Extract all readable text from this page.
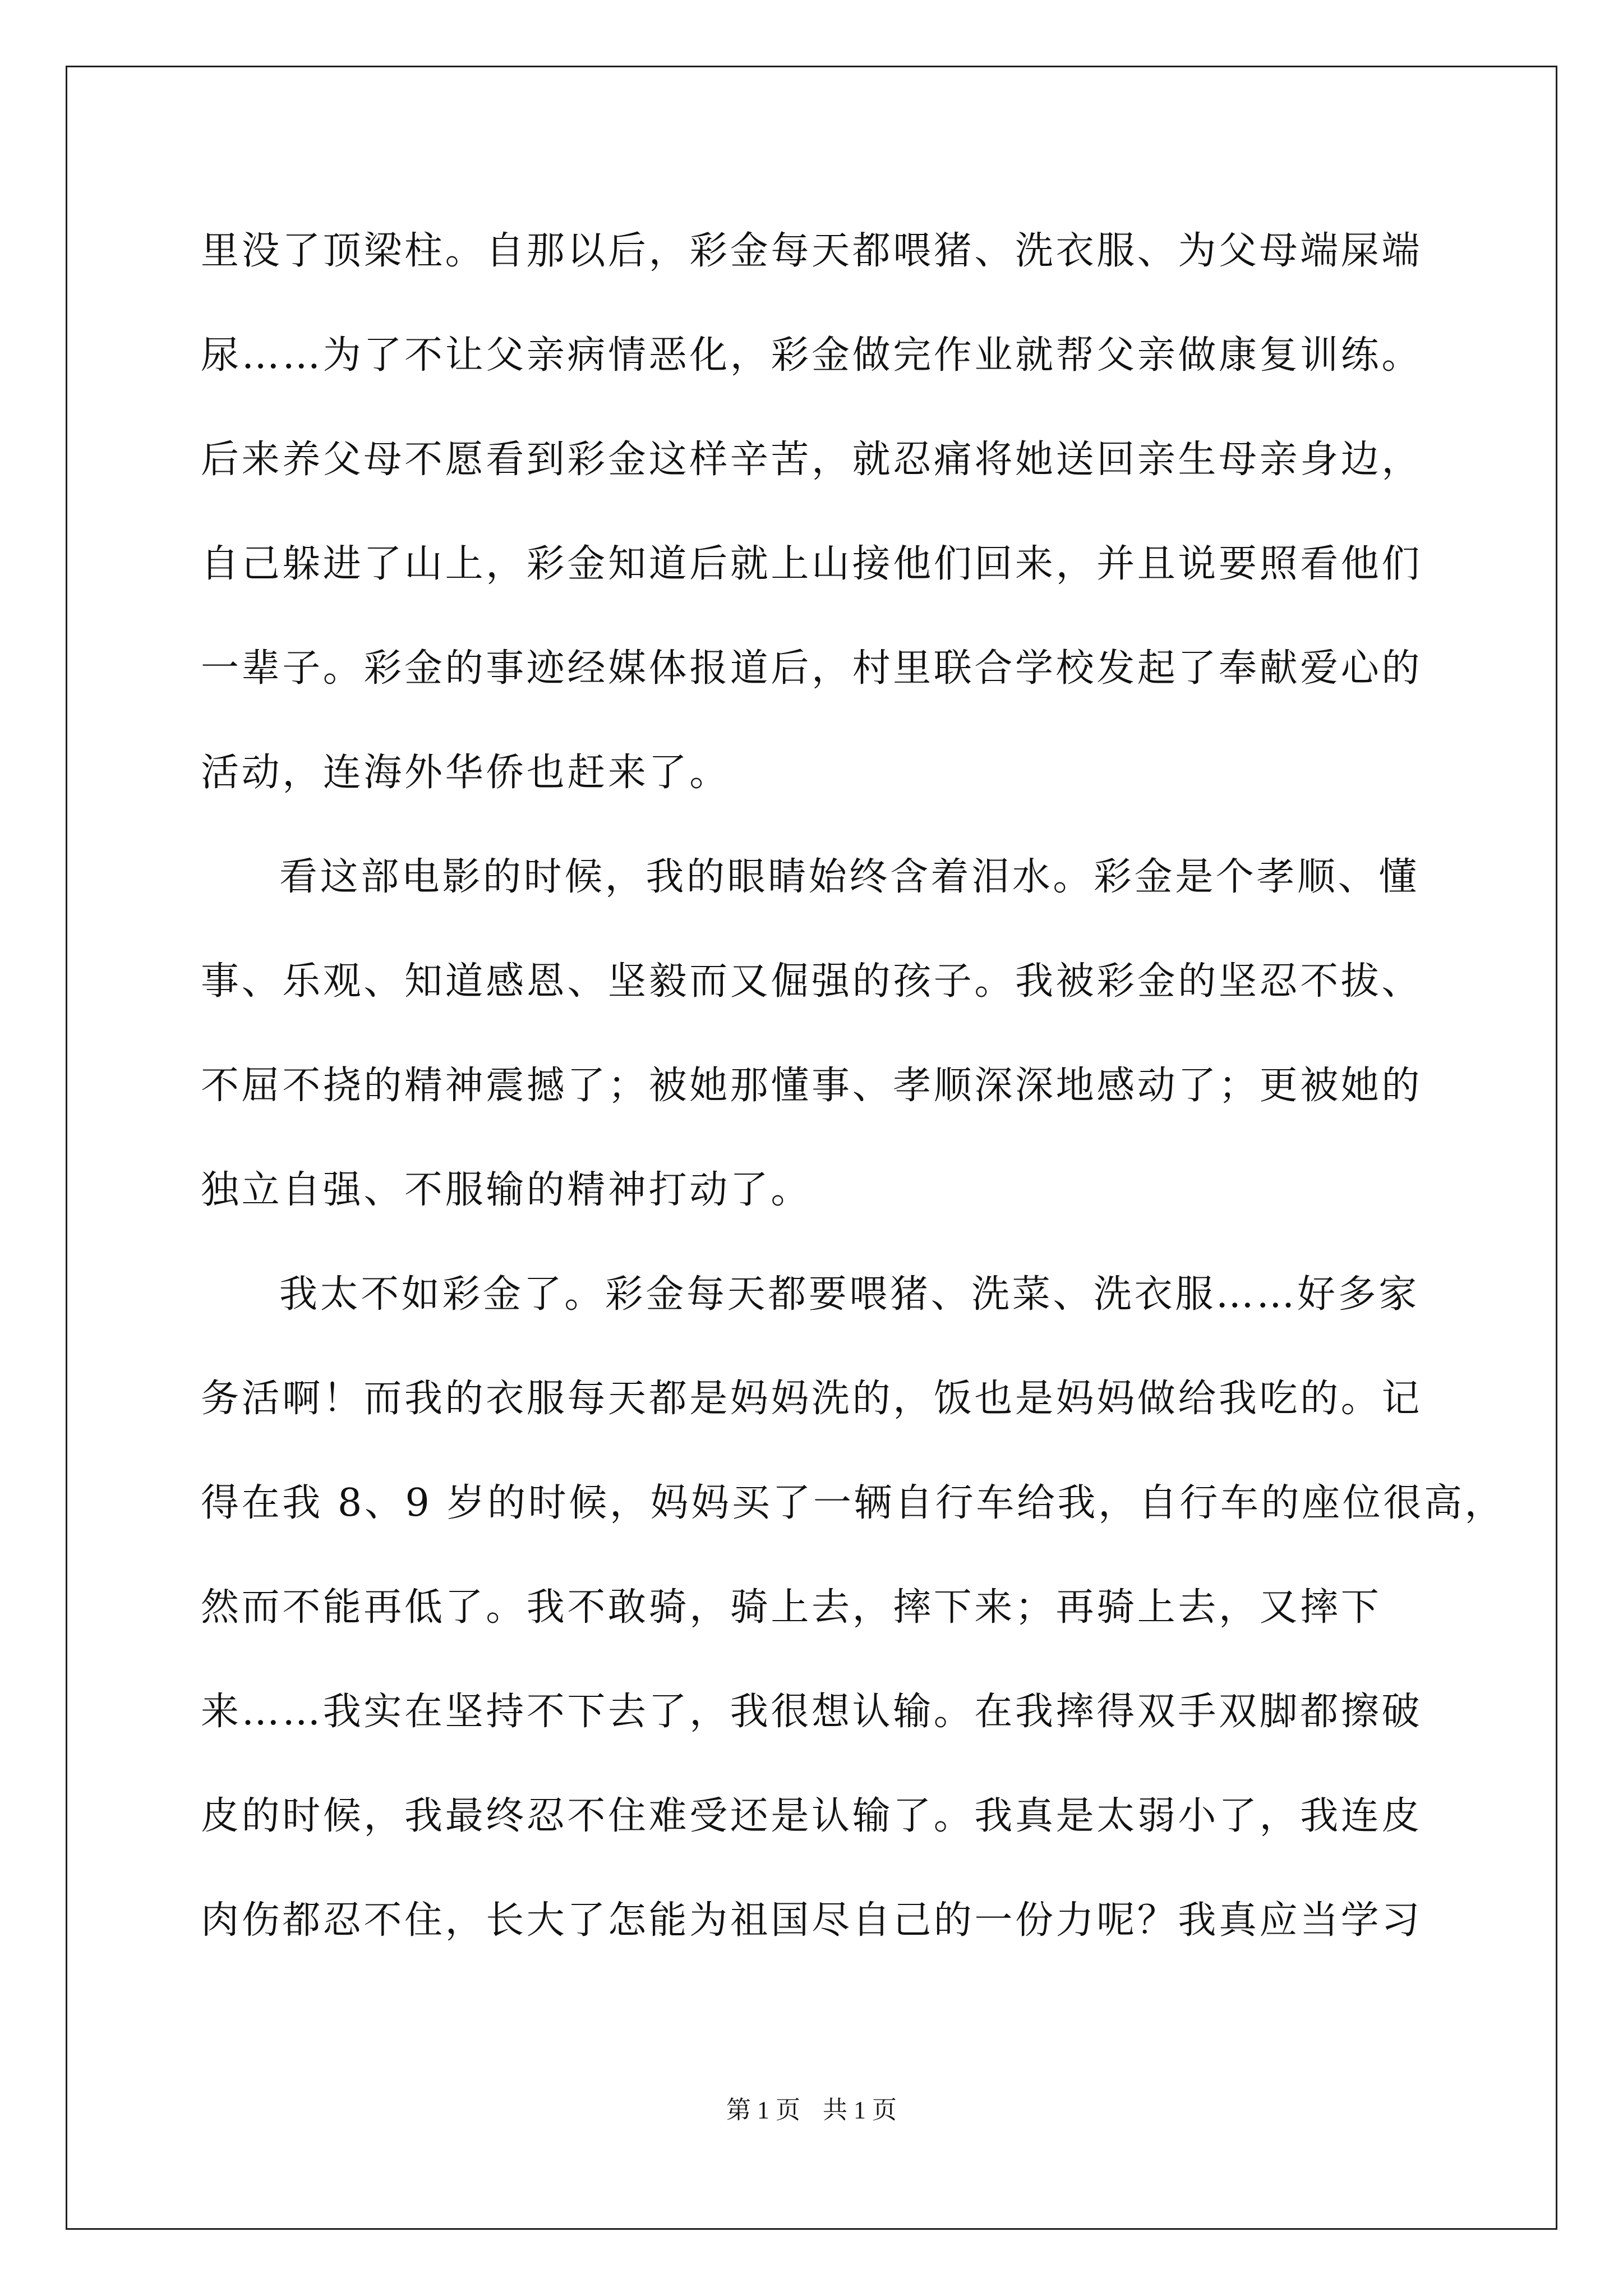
里没了顶梁柱。自那以后，彩金每天都喂猪、洗衣服、为父母端屎端
尿……为了不让父亲病情恶化，彩金做完作业就帮父亲做康复训练。
后来养父母不愿看到彩金这样辛苦，就忍痛将她送回亲生母亲身边，
自己躲进了山上，彩金知道后就上山接他们回来，并且说要照看他们
一辈子。彩金的事迹经媒体报道后，村里联合学校发起了奉献爱心的
活动，连海外华侨也赶来了。
看这部电影的时候，我的眼睛始终含着泪水。彩金是个孝顺、懂
事、乐观、知道感恩、坚毅而又倔强的孩子。我被彩金的坚忍不拔、
不屈不挠的精神震撼了；被她那懂事、孝顺深深地感动了；更被她的
独立自强、不服输的精神打动了。
我太不如彩金了。彩金每天都要喂猪、洗菜、洗衣服……好多家
务活啊！而我的衣服每天都是妈妈洗的，饭也是妈妈做给我吃的。记
得在我 8、9 岁的时候，妈妈买了一辆自行车给我，自行车的座位很高，
然而不能再低了。我不敢骑，骑上去，摔下来；再骑上去，又摔下
来……我实在坚持不下去了，我很想认输。在我摔得双手双脚都擦破
皮的时候，我最终忍不住难受还是认输了。我真是太弱小了，我连皮
肉伤都忍不住，长大了怎能为祖国尽自己的一份力呢？我真应当学习
第 1 页 共 1 页
